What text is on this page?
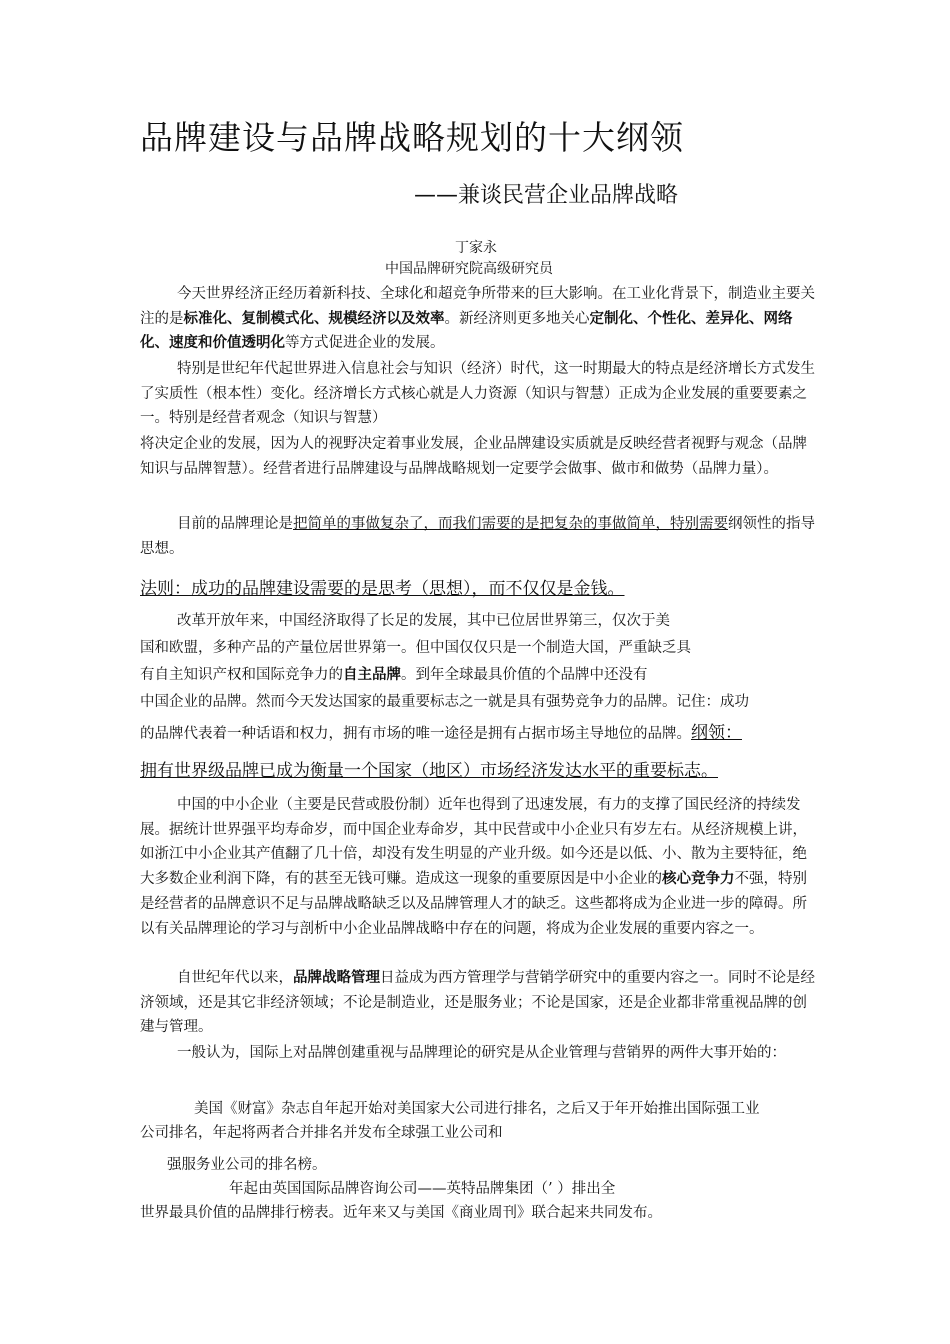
品牌建设与品牌战略规划的十大纲领
——兼谈民营企业品牌战略
丁家永
中国品牌研究院高级研究员
今天世界经济正经历着新科技、全球化和超竞争所带来的巨大影响。在工业化背景下，制造业主要关注的是标准化、复制模式化、规模经济以及效率。新经济则更多地关心定制化、个性化、差异化、网络化、速度和价值透明化等方式促进企业的发展。
特别是世纪年代起世界进入信息社会与知识（经济）时代，这一时期最大的特点是经济增长方式发生了实质性（根本性）变化。经济增长方式核心就是人力资源（知识与智慧）正成为企业发展的重要要素之一。特别是经营者观念（知识与智慧）
将决定企业的发展，因为人的视野决定着事业发展，企业品牌建设实质就是反映经营者视野与观念（品牌知识与品牌智慧）。经营者进行品牌建设与品牌战略规划一定要学会做事、做市和做势（品牌力量）。
目前的品牌理论是把简单的事做复杂了，而我们需要的是把复杂的事做简单，特别需要纲领性的指导思想。
法则：成功的品牌建设需要的是思考（思想），而不仅仅是金钱。
改革开放年来，中国经济取得了长足的发展，其中已位居世界第三，仅次于美
国和欧盟，多种产品的产量位居世界第一。但中国仅仅只是一个制造大国，严重缺乏具
有自主知识产权和国际竞争力的自主品牌。到年全球最具价值的个品牌中还没有
中国企业的品牌。然而今天发达国家的最重要标志之一就是具有强势竞争力的品牌。记住：成功
的品牌代表着一种话语和权力，拥有市场的唯一途径是拥有占据市场主导地位的品牌。纲领：
拥有世界级品牌已成为衡量一个国家（地区）市场经济发达水平的重要标志。
中国的中小企业（主要是民营或股份制）近年也得到了迅速发展，有力的支撑了国民经济的持续发展。据统计世界强平均寿命岁，而中国企业寿命岁，其中民营或中小企业只有岁左右。从经济规模上讲，如浙江中小企业其产值翻了几十倍，却没有发生明显的产业升级。如今还是以低、小、散为主要特征，绝大多数企业利润下降，有的甚至无钱可赚。造成这一现象的重要原因是中小企业的核心竞争力不强，特别是经营者的品牌意识不足与品牌战略缺乏以及品牌管理人才的缺乏。这些都将成为企业进一步的障碍。所以有关品牌理论的学习与剖析中小企业品牌战略中存在的问题，将成为企业发展的重要内容之一。
自世纪年代以来，品牌战略管理日益成为西方管理学与营销学研究中的重要内容之一。同时不论是经济领域，还是其它非经济领域；不论是制造业，还是服务业；不论是国家，还是企业都非常重视品牌的创建与管理。
一般认为，国际上对品牌创建重视与品牌理论的研究是从企业管理与营销界的两件大事开始的：
美国《财富》杂志自年起开始对美国家大公司进行排名，之后又于年开始推出国际强工业
公司排名，年起将两者合并排名并发布全球强工业公司和
强服务业公司的排名榜。
年起由英国国际品牌咨询公司——英特品牌集团（’ ）排出全
世界最具价值的品牌排行榜表。近年来又与美国《商业周刊》联合起来共同发布。
